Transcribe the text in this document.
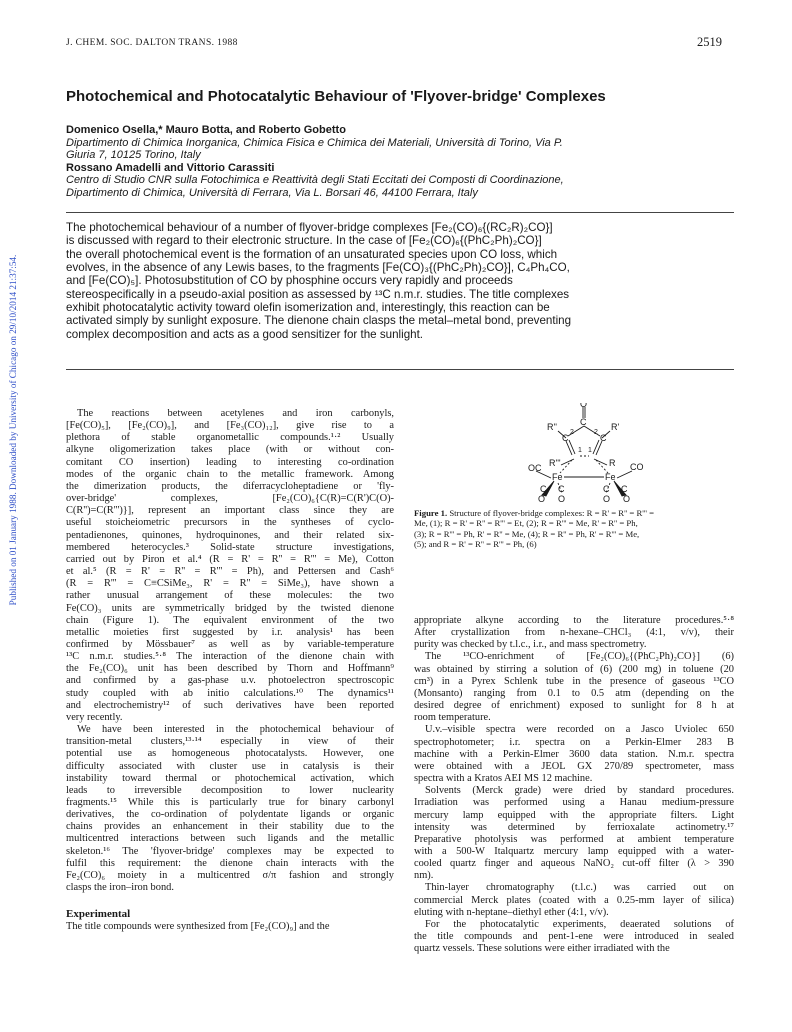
Published on 01 January 1988. Downloaded by University of Chicago on 29/10/2014 21:37:54.
J. CHEM. SOC. DALTON TRANS. 1988	2519
Photochemical and Photocatalytic Behaviour of 'Flyover-bridge' Complexes
Domenico Osella,* Mauro Botta, and Roberto Gobetto
Dipartimento di Chimica Inorganica, Chimica Fisica e Chimica dei Materiali, Università di Torino, Via P.
Giuria 7, 10125 Torino, Italy
Rossano Amadelli and Vittorio Carassiti
Centro di Studio CNR sulla Fotochimica e Reattività degli Stati Eccitati dei Composti di Coordinazione,
Dipartimento di Chimica, Università di Ferrara, Via L. Borsari 46, 44100 Ferrara, Italy

The photochemical behaviour of a number of flyover-bridge complexes [Fe₂(CO)₆{(RC₂R)₂CO}]

is discussed with regard to their electronic structure. In the case of [Fe₂(CO)₆{(PhC₂Ph)₂CO}]

the overall photochemical event is the formation of an unsaturated species upon CO loss, which

evolves, in the absence of any Lewis bases, to the fragments [Fe(CO)₃{(PhC₂Ph)₂CO}], C₄Ph₄CO,

and [Fe(CO)₅]. Photosubstitution of CO by phosphine occurs very rapidly and proceeds

stereospecifically in a pseudo-axial position as assessed by ¹³C n.m.r. studies. The title complexes

exhibit photocatalytic activity toward olefin isomerization and, interestingly, this reaction can be

activated simply by sunlight exposure. The dienone chain clasps the metal–metal bond, preventing

complex decomposition and acts as a good sensitizer for the sunlight.

The reactions between acetylenes and iron carbonyls,

[Fe(CO)₅], [Fe₂(CO)₉], and [Fe₃(CO)₁₂], give rise to a

plethora of stable organometallic compounds.¹·² Usually

alkyne oligomerization takes place (with or without con-

comitant CO insertion) leading to interesting co-ordination

modes of the organic chain to the metallic framework. Among

the dimerization products, the diferracycloheptadiene or 'fly-

over-bridge' complexes, [Fe₂(CO)₆{C(R)=C(R')C(O)-

C(R'')=C(R''')}], represent an important class since they are

useful stoicheiometric precursors in the syntheses of cyclo-

pentadienones, quinones, hydroquinones, and their related six-

membered heterocycles.³ Solid-state structure investigations,

carried out by Piron et al.⁴ (R = R' = R'' = R''' = Me), Cotton

et al.⁵ (R = R' = R'' = R''' = Ph), and Pettersen and Cash⁶

(R = R''' = C≡CSiMe₃, R' = R'' = SiMe₃), have shown a

rather unusual arrangement of these molecules: the two

Fe(CO)₃ units are symmetrically bridged by the twisted dienone

chain (Figure 1). The equivalent environment of the two

metallic moieties first suggested by i.r. analysis¹ has been

confirmed by Mössbauer⁷ as well as by variable-temperature

¹³C n.m.r. studies.⁵·⁸ The interaction of the dienone chain with

the Fe₂(CO)₆ unit has been described by Thorn and Hoffmann⁹

and confirmed by a gas-phase u.v. photoelectron spectroscopic

study coupled with ab initio calculations.¹⁰ The dynamics¹¹

and electrochemistry¹² of such derivatives have been reported

very recently.

We have been interested in the photochemical behaviour of

transition-metal clusters,¹³·¹⁴ especially in view of their

potential use as homogeneous photocatalysts. However, one

difficulty associated with cluster use in catalysis is their

instability toward thermal or photochemical activation, which

leads to irreversible decomposition to lower nuclearity

fragments.¹⁵ While this is particularly true for binary carbonyl

derivatives, the co-ordination of polydentate ligands or organic

chains provides an enhancement in their stability due to the

multicentred interactions between such ligands and the metallic

skeleton.¹⁶ The 'flyover-bridge' complexes may be expected to

fulfil this requirement: the dienone chain interacts with the

Fe₂(CO)₆ moiety in a multicentred σ/π fashion and strongly

clasps the iron–iron bond.

Experimental

The title compounds were synthesized from [Fe₂(CO)₉] and the

O
C
R''	R'
2	2
C	C
1 1
R'''	R
OC	CO
Fe	Fe
C C	C C
O O	O O
Figure 1. Structure of flyover-bridge complexes: R = R' = R'' = R''' =
Me, (1); R = R' = R'' = R''' = Et, (2); R = R''' = Me, R' = R'' = Ph,
(3); R = R''' = Ph, R' = R'' = Me, (4); R = R'' = Ph, R' = R''' = Me,
(5); and R = R' = R'' = R''' = Ph, (6)

appropriate alkyne according to the literature procedures.⁵·⁸

After crystallization from n-hexane–CHCl₃ (4:1, v/v), their

purity was checked by t.l.c., i.r., and mass spectrometry.

The ¹³CO-enrichment of [Fe₂(CO)₆{(PhC₂Ph)₂CO}] (6)

was obtained by stirring a solution of (6) (200 mg) in toluene (20

cm³) in a Pyrex Schlenk tube in the presence of gaseous ¹³CO

(Monsanto) ranging from 0.1 to 0.5 atm (depending on the

desired degree of enrichment) exposed to sunlight for 8 h at

room temperature.

U.v.–visible spectra were recorded on a Jasco Uviolec 650

spectrophotometer; i.r. spectra on a Perkin-Elmer 283 B

machine with a Perkin-Elmer 3600 data station. N.m.r. spectra

were obtained with a JEOL GX 270/89 spectrometer, mass

spectra with a Kratos AEI MS 12 machine.

Solvents (Merck grade) were dried by standard procedures.

Irradiation was performed using a Hanau medium-pressure

mercury lamp equipped with the appropriate filters. Light

intensity was determined by ferrioxalate actinometry.¹⁷

Preparative photolysis was performed at ambient temperature

with a 500-W Italquartz mercury lamp equipped with a water-

cooled quartz finger and aqueous NaNO₂ cut-off filter (λ > 390

nm).

Thin-layer chromatography (t.l.c.) was carried out on

commercial Merck plates (coated with a 0.25-mm layer of silica)

eluting with n-heptane–diethyl ether (4:1, v/v).

For the photocatalytic experiments, deaerated solutions of

the title compounds and pent-1-ene were introduced in sealed

quartz vessels. These solutions were either irradiated with the
